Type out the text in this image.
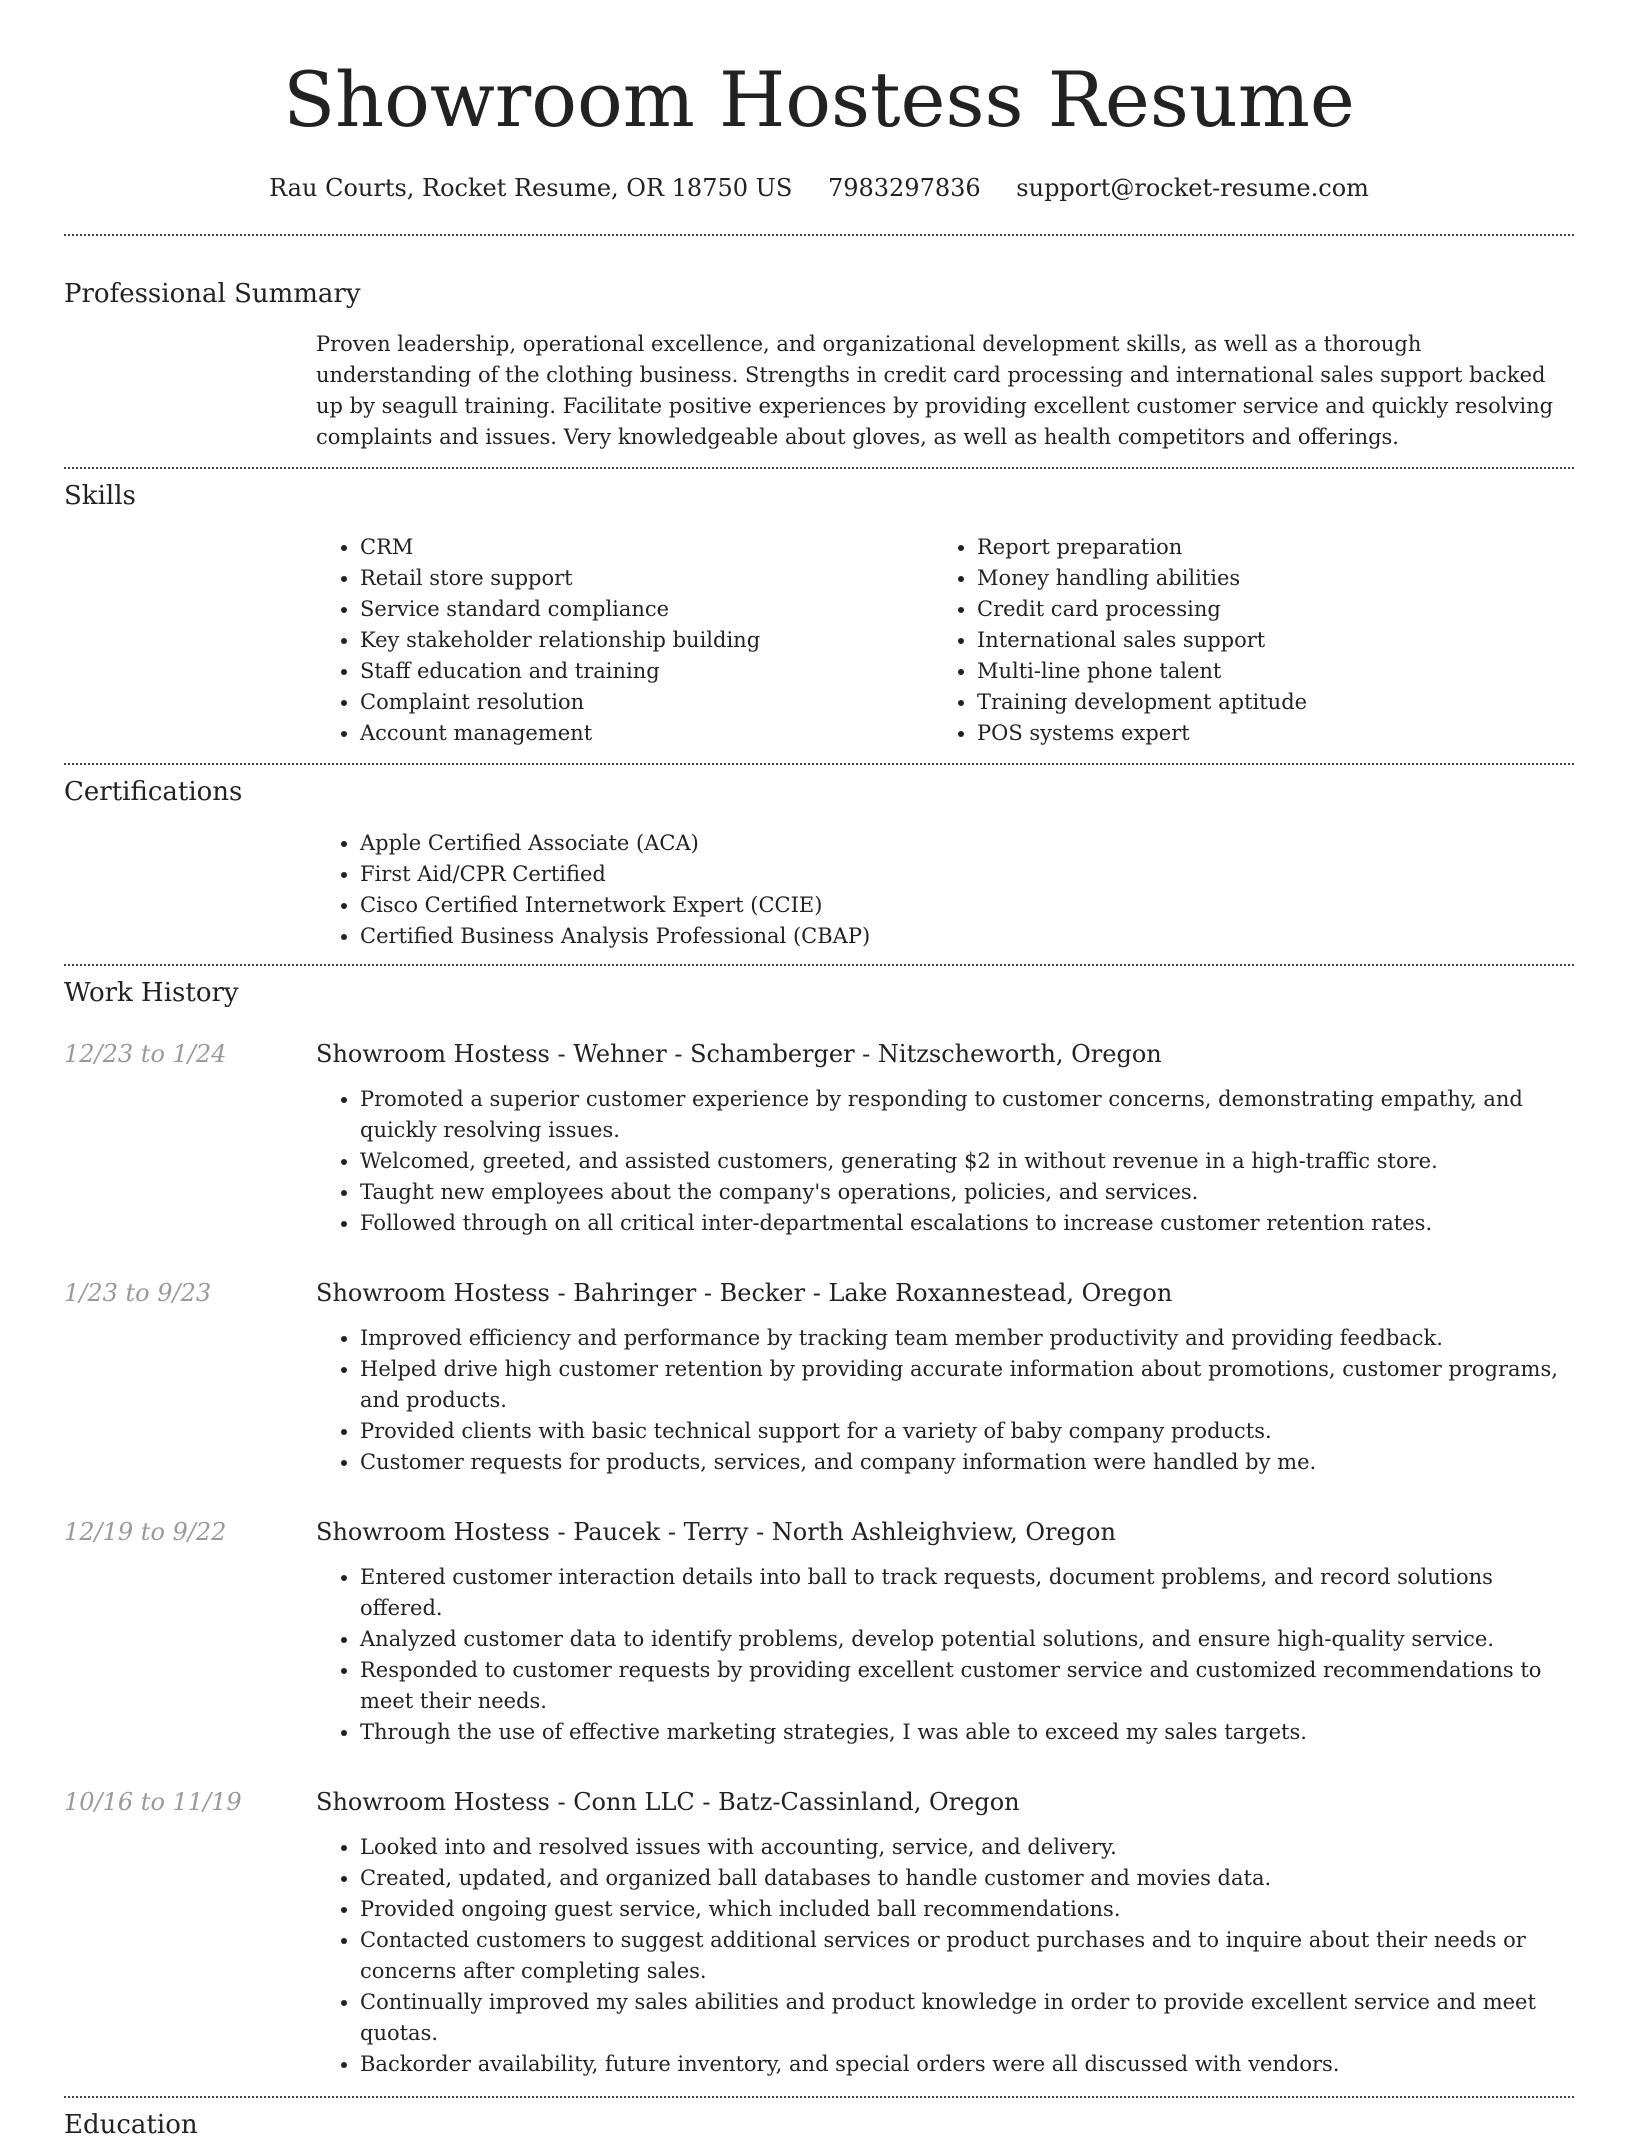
Showroom Hostess Resume
Rau Courts, Rocket Resume, OR 18750 US 7983297836 support@rocket-resume.com
Professional Summary
Proven leadership, operational excellence, and organizational development skills, as well as a thorough understanding of the clothing business. Strengths in credit card processing and international sales support backed up by seagull training. Facilitate positive experiences by providing excellent customer service and quickly resolving complaints and issues. Very knowledgeable about gloves, as well as health competitors and offerings.
Skills
• CRM
• Retail store support
• Service standard compliance
• Key stakeholder relationship building
• Staff education and training
• Complaint resolution
• Account management
• Report preparation
• Money handling abilities
• Credit card processing
• International sales support
• Multi-line phone talent
• Training development aptitude
• POS systems expert
Certifications
• Apple Certified Associate (ACA)
• First Aid/CPR Certified
• Cisco Certified Internetwork Expert (CCIE)
• Certified Business Analysis Professional (CBAP)
Work History
12/23 to 1/24	Showroom Hostess - Wehner - Schamberger - Nitzscheworth, Oregon
• Promoted a superior customer experience by responding to customer concerns, demonstrating empathy, and quickly resolving issues.
• Welcomed, greeted, and assisted customers, generating $2 in without revenue in a high-traffic store.
• Taught new employees about the company's operations, policies, and services.
• Followed through on all critical inter-departmental escalations to increase customer retention rates.
1/23 to 9/23	Showroom Hostess - Bahringer - Becker - Lake Roxannestead, Oregon
• Improved efficiency and performance by tracking team member productivity and providing feedback.
• Helped drive high customer retention by providing accurate information about promotions, customer programs, and products.
• Provided clients with basic technical support for a variety of baby company products.
• Customer requests for products, services, and company information were handled by me.
12/19 to 9/22	Showroom Hostess - Paucek - Terry - North Ashleighview, Oregon
• Entered customer interaction details into ball to track requests, document problems, and record solutions offered.
• Analyzed customer data to identify problems, develop potential solutions, and ensure high-quality service.
• Responded to customer requests by providing excellent customer service and customized recommendations to meet their needs.
• Through the use of effective marketing strategies, I was able to exceed my sales targets.
10/16 to 11/19	Showroom Hostess - Conn LLC - Batz-Cassinland, Oregon
• Looked into and resolved issues with accounting, service, and delivery.
• Created, updated, and organized ball databases to handle customer and movies data.
• Provided ongoing guest service, which included ball recommendations.
• Contacted customers to suggest additional services or product purchases and to inquire about their needs or concerns after completing sales.
• Continually improved my sales abilities and product knowledge in order to provide excellent service and meet quotas.
• Backorder availability, future inventory, and special orders were all discussed with vendors.
Education
